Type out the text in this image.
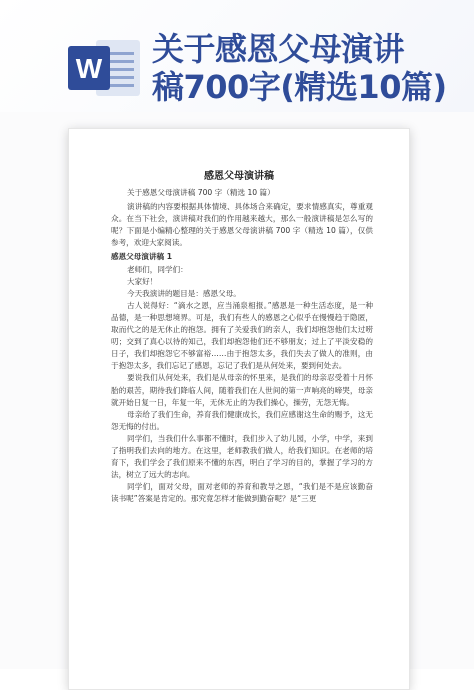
W
关于感恩父母演讲
稿700字(精选10篇)
感恩父母演讲稿

关于感恩父母演讲稿 700 字（精选 10 篇）

演讲稿的内容要根据具体情境、具体场合来确定，要求情感真实，尊重观众。在当下社会，演讲稿对我们的作用越来越大，那么一般演讲稿是怎么写的呢？下面是小编精心整理的关于感恩父母演讲稿 700 字（精选 10 篇），仅供参考，欢迎大家阅读。

感恩父母演讲稿 1

老师们，同学们：

大家好！

今天我演讲的题目是：感恩父母。

古人说得好：“滴水之恩，应当涌泉相报。”感恩是一种生活态度，是一种品德，是一种思想境界。可是，我们有些人的感恩之心似乎在慢慢趋于隐匿，取而代之的是无休止的抱怨。拥有了关爱我们的亲人，我们却抱怨他们太过唠叨；交到了真心以待的知己，我们却抱怨他们还不够朋友；过上了平淡安稳的日子，我们却抱怨它不够富裕……由于抱怨太多，我们失去了做人的准则，由于抱怨太多，我们忘记了感恩，忘记了我们是从何处来，要到何处去。

要说我们从何处来，我们是从母亲的怀里来，是我们的母亲忍受着十月怀胎的艰苦，期待我们降临人间，随着我们在人世间的第一声响亮的啼哭，母亲就开始日复一日，年复一年，无休无止的为我们操心，操劳，无怨无悔。

母亲给了我们生命，养育我们健康成长，我们应感谢这生命的赐予，这无怨无悔的付出。

同学们，当我们什么事都不懂时，我们步入了幼儿园，小学，中学，来到了指明我们去向的地方。在这里，老师教我们做人，给我们知识。在老师的培育下，我们学会了我们原来不懂的东西，明白了学习的目的，掌握了学习的方法，树立了远大的志向。

同学们，面对父母，面对老师的养育和教导之恩，“我们是不是应该勤奋读书呢”答案是肯定的。那究竟怎样才能做到勤奋呢？是“三更
